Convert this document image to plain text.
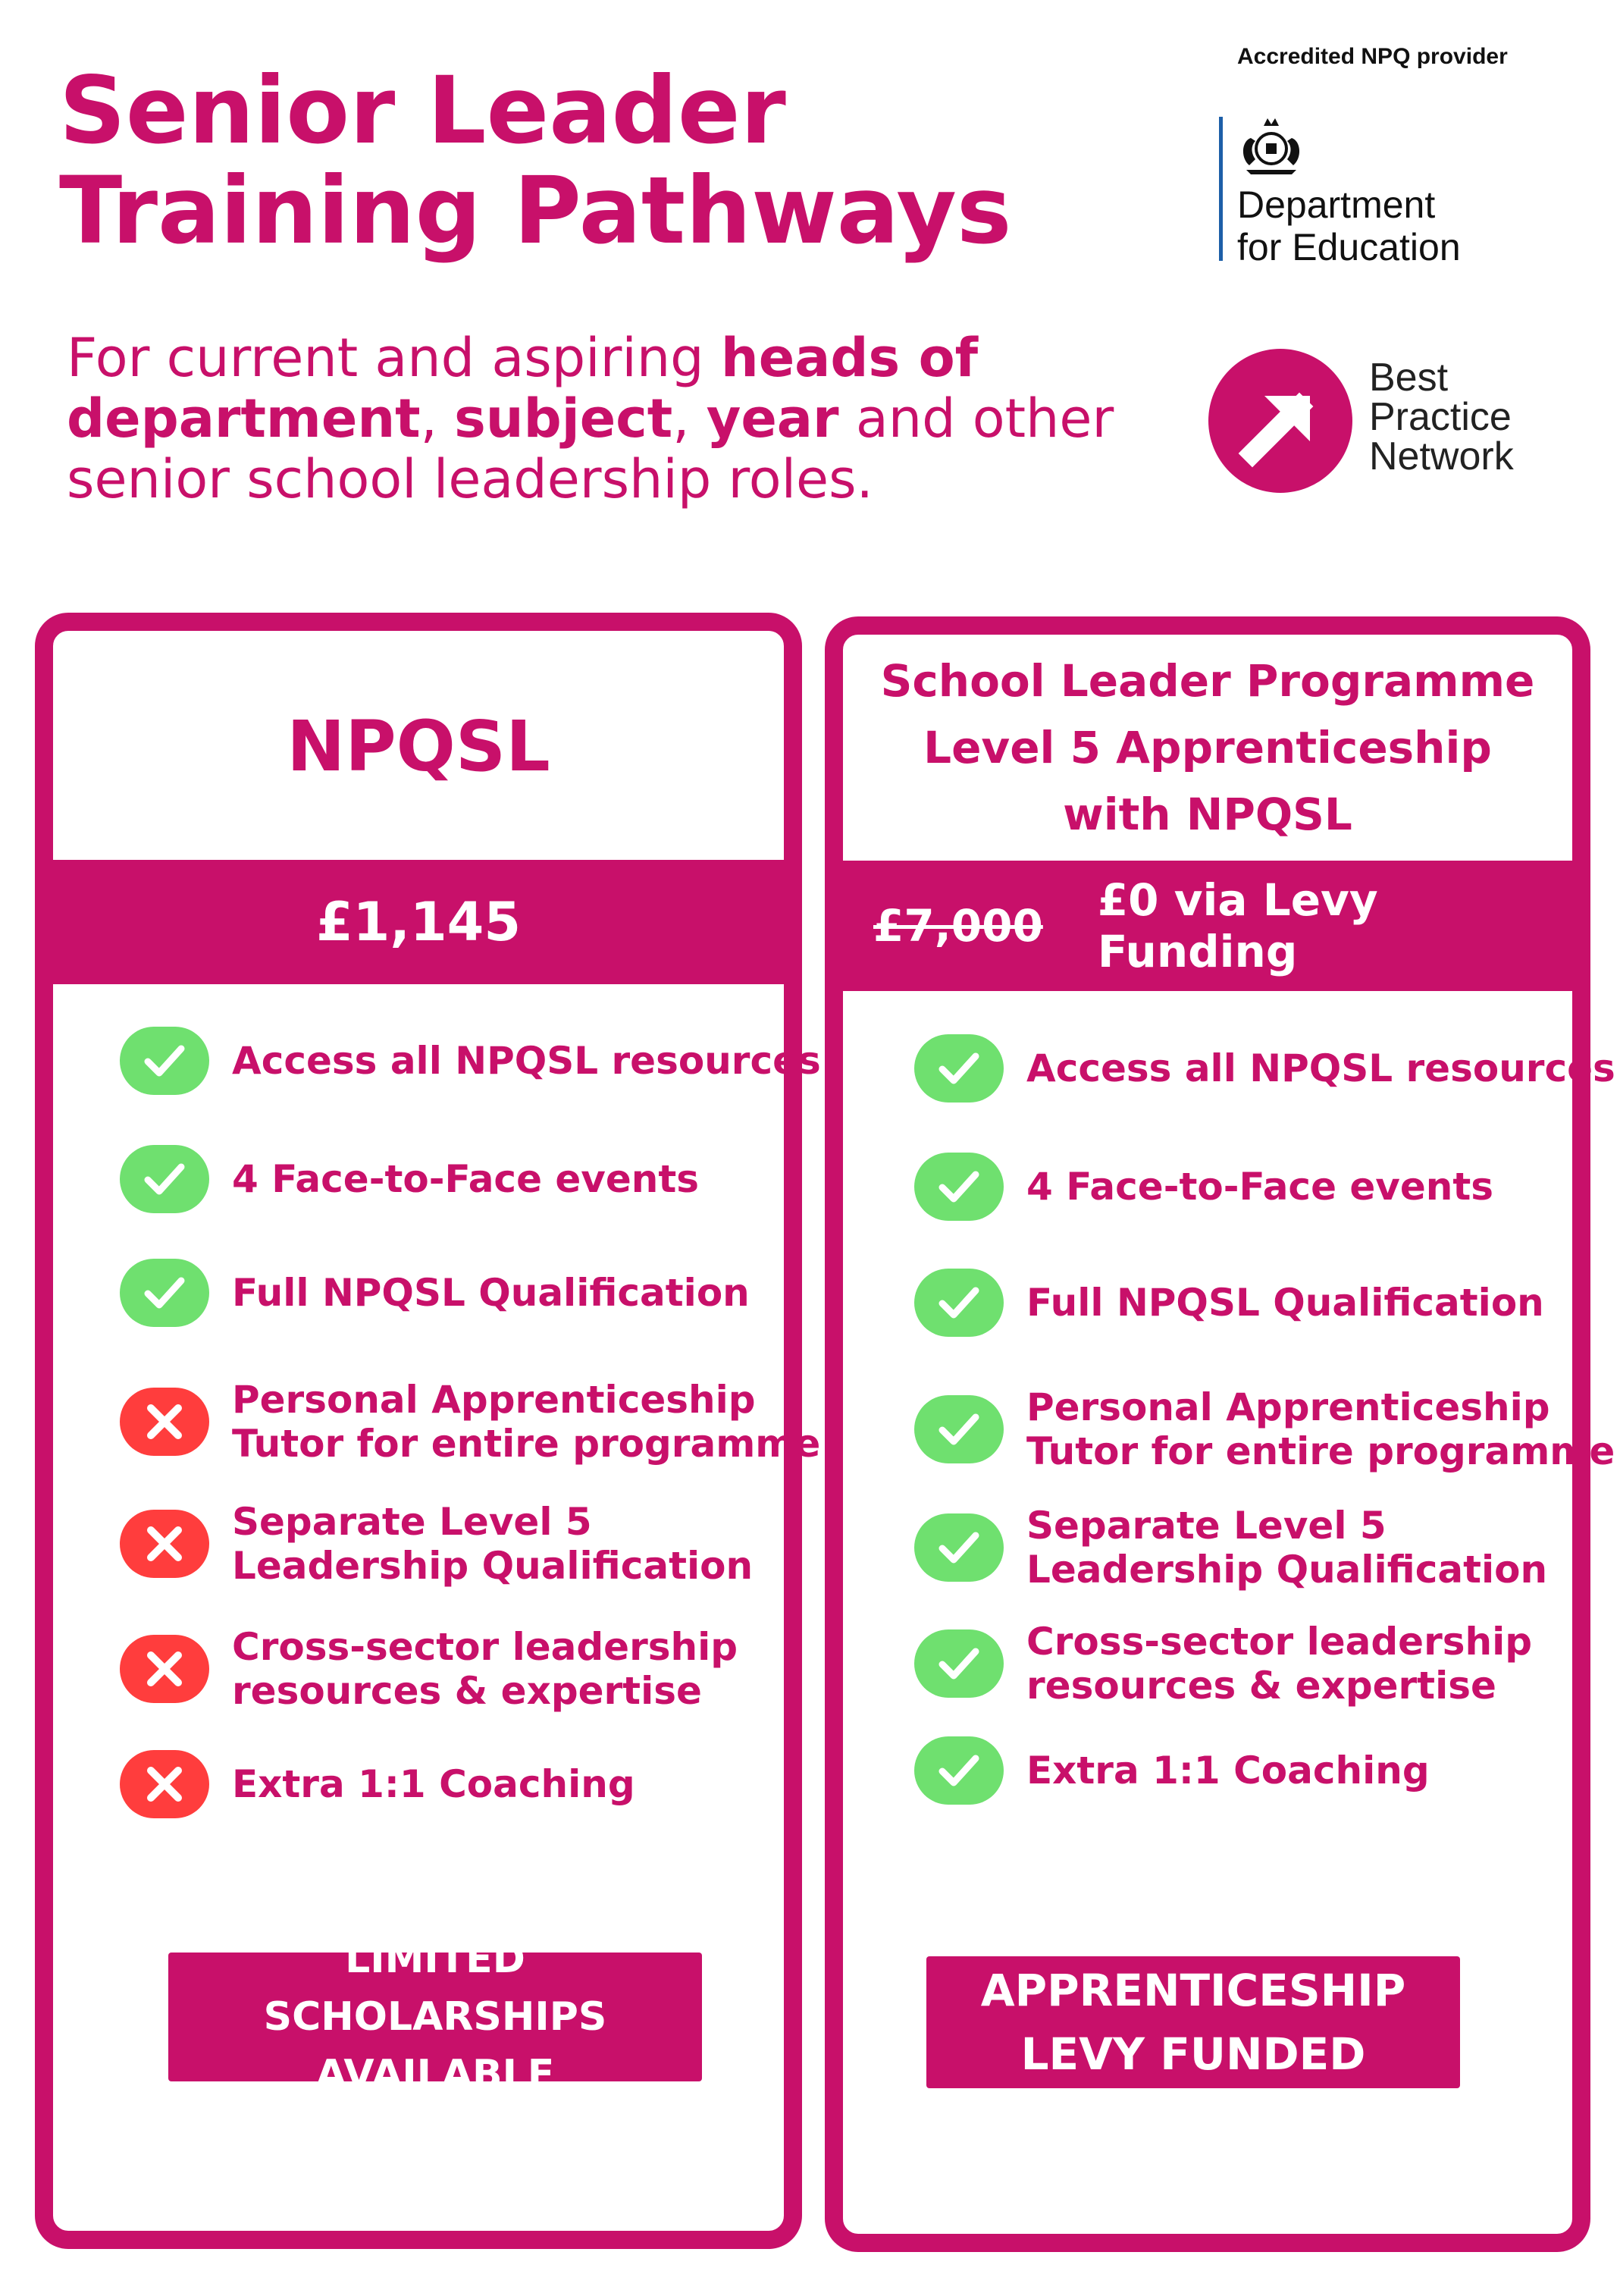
Senior Leader
Training Pathways

For current and aspiring heads of department, subject, year and other senior school leadership roles.

Accredited NPQ provider
Department
for Education
Best
Practice
Network
NPQSL
£1,145
School Leader Programme
Level 5 Apprenticeship
with NPQSL
£7,000 £0 via Levy Funding
Access all NPQSL resources
4 Face-to-Face events
Full NPQSL Qualification
Personal Apprenticeship
Tutor for entire programme
Separate Level 5
Leadership Qualification
Cross-sector leadership
resources & expertise
Extra 1:1 Coaching
Access all NPQSL resources
4 Face-to-Face events
Full NPQSL Qualification
Personal Apprenticeship
Tutor for entire programme
Separate Level 5
Leadership Qualification
Cross-sector leadership
resources & expertise
Extra 1:1 Coaching
LIMITED SCHOLARSHIPS
AVAILABLE
APPRENTICESHIP
LEVY FUNDED
